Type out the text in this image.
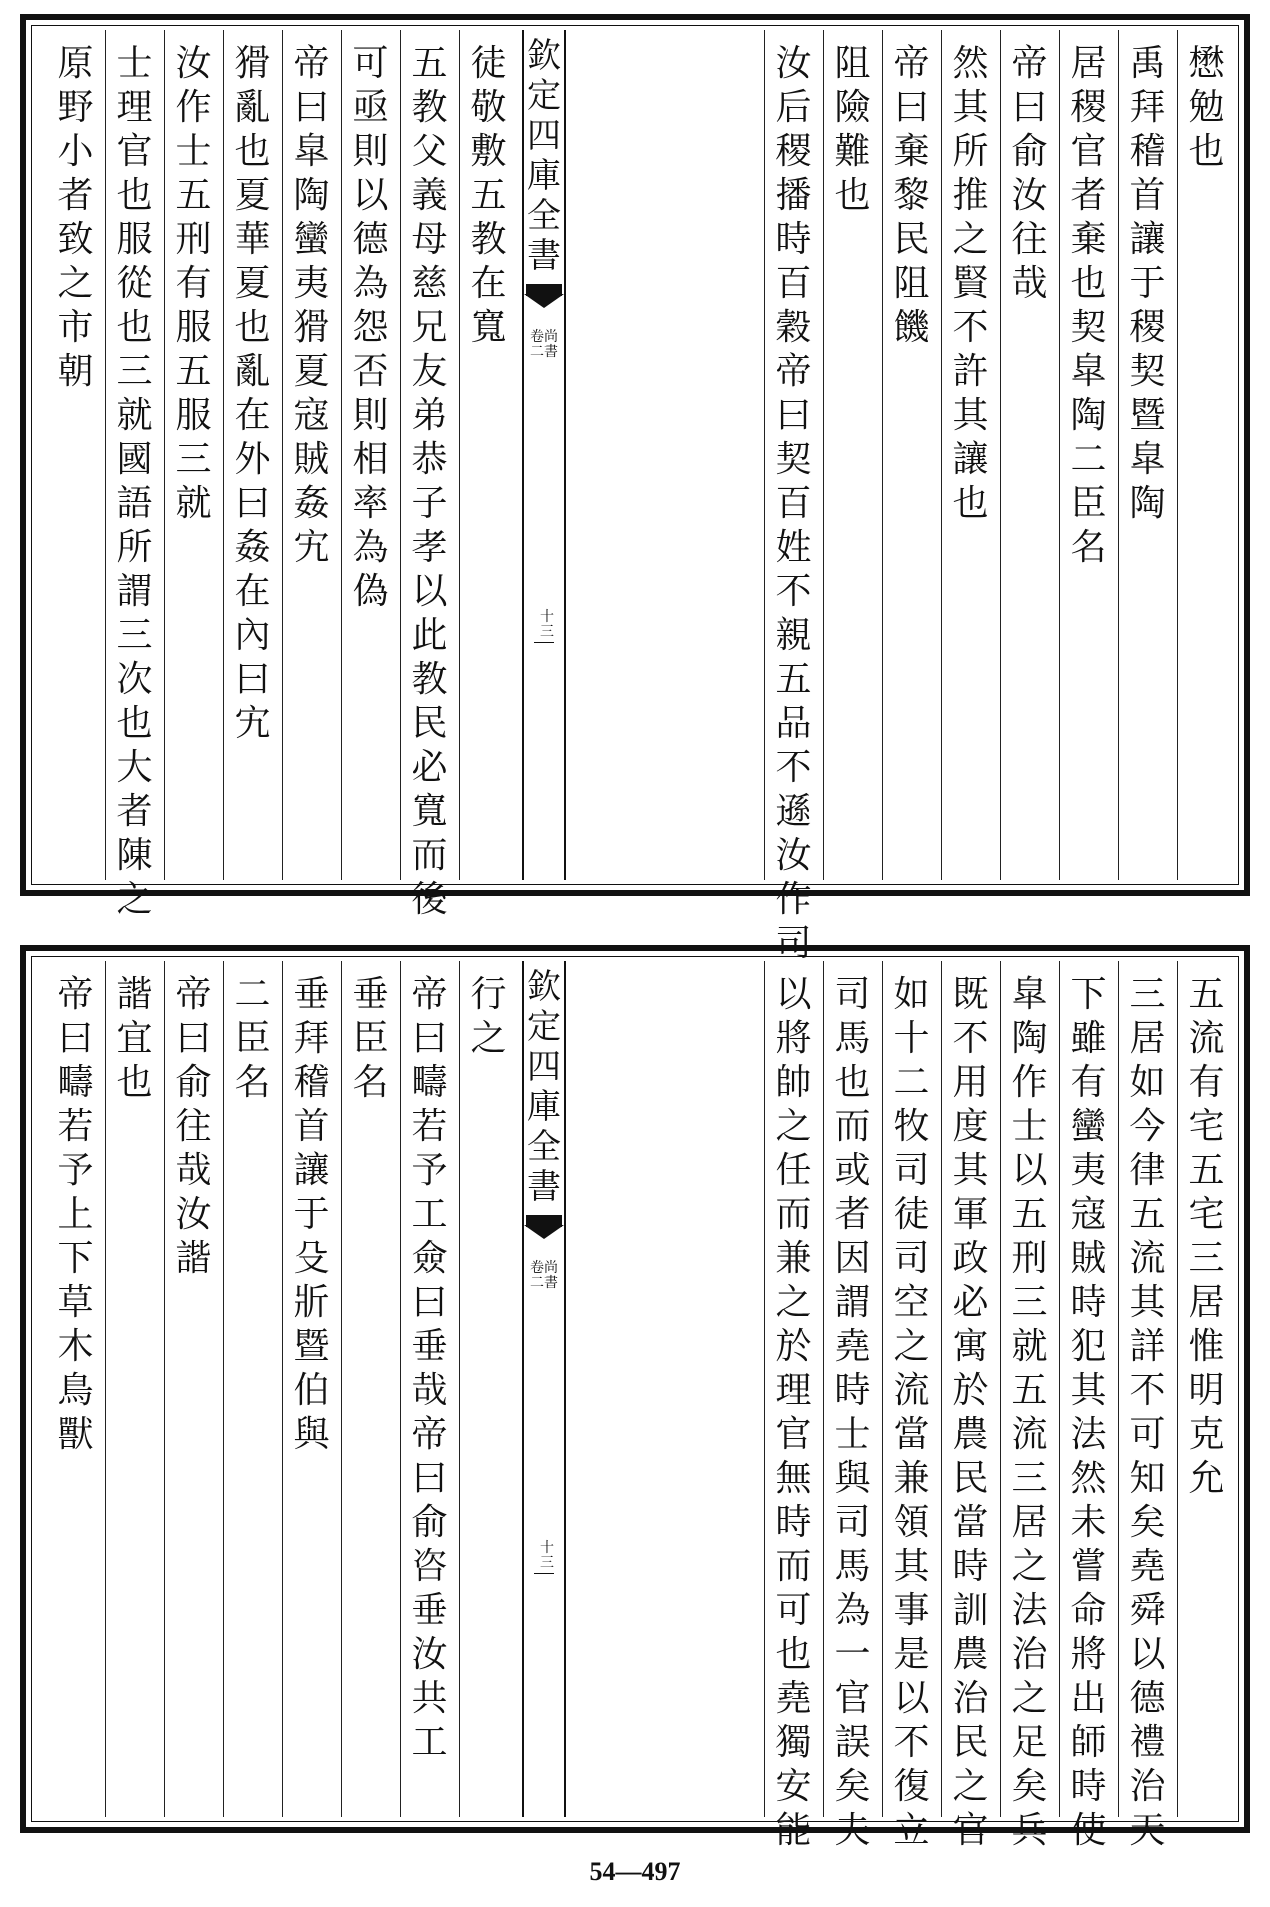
懋
勉
也
禹
拜
稽
首
讓
于
稷
契
暨
皐
陶
居
稷
官
者
棄
也
契
皐
陶
二
臣
名
帝
曰
俞
汝
往
哉
然
其
所
推
之
賢
不
許
其
讓
也
帝
曰
棄
黎
民
阻
饑
阻
險
難
也
汝
后
稷
播
時
百
穀
帝
曰
契
百
姓
不
親
五
品
不
遜
汝
作
司
欽
定
四
庫
全
書
尚
書
卷
二
十
三
徒
敬
敷
五
教
在
寬
五
教
父
義
母
慈
兄
友
弟
恭
子
孝
以
此
教
民
必
寬
而
後
可
亟
則
以
德
為
怨
否
則
相
率
為
偽
帝
曰
皐
陶
蠻
夷
猾
夏
寇
賊
姦
宄
猾
亂
也
夏
華
夏
也
亂
在
外
曰
姦
在
內
曰
宄
汝
作
士
五
刑
有
服
五
服
三
就
士
理
官
也
服
從
也
三
就
國
語
所
謂
三
次
也
大
者
陳
之
原
野
小
者
致
之
市
朝
五
流
有
宅
五
宅
三
居
惟
明
克
允
三
居
如
今
律
五
流
其
詳
不
可
知
矣
堯
舜
以
德
禮
治
天
下
雖
有
蠻
夷
寇
賊
時
犯
其
法
然
未
嘗
命
將
出
師
時
使
皐
陶
作
士
以
五
刑
三
就
五
流
三
居
之
法
治
之
足
矣
兵
既
不
用
度
其
軍
政
必
寓
於
農
民
當
時
訓
農
治
民
之
官
如
十
二
牧
司
徒
司
空
之
流
當
兼
領
其
事
是
以
不
復
立
司
馬
也
而
或
者
因
謂
堯
時
士
與
司
馬
為
一
官
誤
矣
夫
以
將
帥
之
任
而
兼
之
於
理
官
無
時
而
可
也
堯
獨
安
能
欽
定
四
庫
全
書
尚
書
卷
二
十
三
行
之
帝
曰
疇
若
予
工
僉
曰
垂
哉
帝
曰
俞
咨
垂
汝
共
工
垂
臣
名
垂
拜
稽
首
讓
于
殳
斨
暨
伯
與
二
臣
名
帝
曰
俞
往
哉
汝
諧
諧
宜
也
帝
曰
疇
若
予
上
下
草
木
鳥
獸
54—497
